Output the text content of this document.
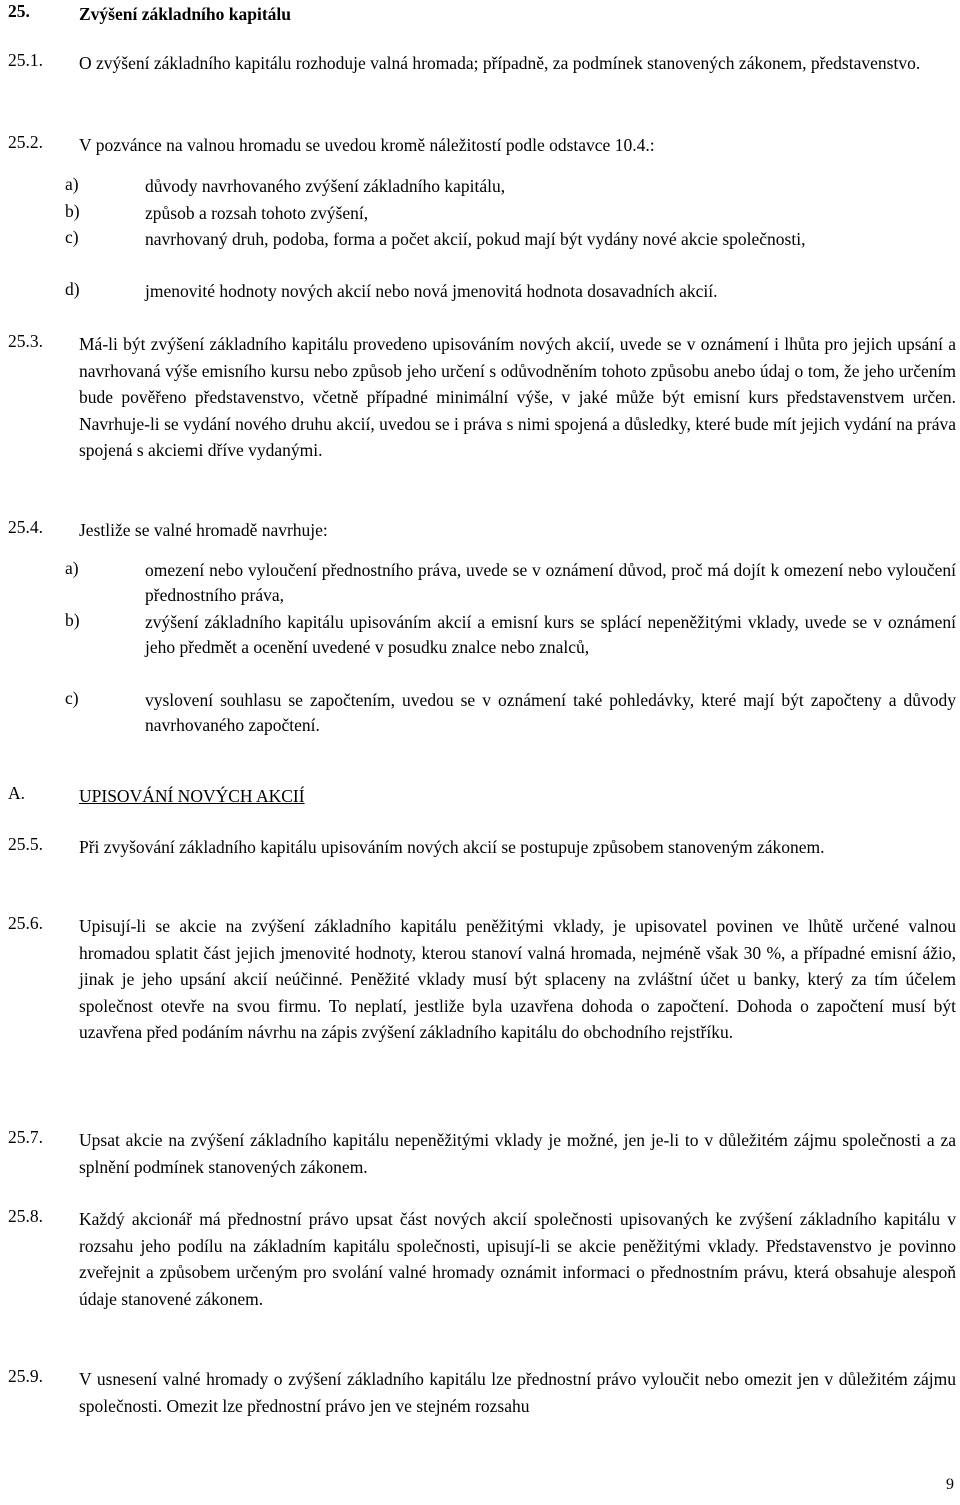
25.	Zvýšení základního kapitálu
25.1. O zvýšení základního kapitálu rozhoduje valná hromada; případně, za podmínek stanovených zákonem, představenstvo.
25.2. V pozvánce na valnou hromadu se uvedou kromě náležitostí podle odstavce 10.4.:
a)	důvody navrhovaného zvýšení základního kapitálu,
b)	způsob a rozsah tohoto zvýšení,
c)	navrhovaný druh, podoba, forma a počet akcií, pokud mají být vydány nové akcie společnosti,
d)	jmenovité hodnoty nových akcií nebo nová jmenovitá hodnota dosavadních akcií.
25.3. Má-li být zvýšení základního kapitálu provedeno upisováním nových akcií, uvede se v oznámení i lhůta pro jejich upsání a navrhovaná výše emisního kursu nebo způsob jeho určení s odůvodněním tohoto způsobu anebo údaj o tom, že jeho určením bude pověřeno představenstvo, včetně případné minimální výše, v jaké může být emisní kurs představenstvem určen. Navrhuje-li se vydání nového druhu akcií, uvedou se i práva s nimi spojená a důsledky, které bude mít jejich vydání na práva spojená s akciemi dříve vydanými.
25.4. Jestliže se valné hromadě navrhuje:
a)	omezení nebo vyloučení přednostního práva, uvede se v oznámení důvod, proč má dojít k omezení nebo vyloučení přednostního práva,
b)	zvýšení základního kapitálu upisováním akcií a emisní kurs se splácí nepeněžitými vklady, uvede se v oznámení jeho předmět a ocenění uvedené v posudku znalce nebo znalců,
c)	vyslovení souhlasu se započtením, uvedou se v oznámení také pohledávky, které mají být započteny a důvody navrhovaného započtení.
A.	UPISOVÁNÍ NOVÝCH AKCIÍ
25.5. Při zvyšování základního kapitálu upisováním nových akcií se postupuje způsobem stanoveným zákonem.
25.6. Upisují-li se akcie na zvýšení základního kapitálu peněžitými vklady, je upisovatel povinen ve lhůtě určené valnou hromadou splatit část jejich jmenovité hodnoty, kterou stanoví valná hromada, nejméně však 30 %, a případné emisní ážio, jinak je jeho upsání akcií neúčinné. Peněžité vklady musí být splaceny na zvláštní účet u banky, který za tím účelem společnost otevře na svou firmu. To neplatí, jestliže byla uzavřena dohoda o započtení. Dohoda o započtení musí být uzavřena před podáním návrhu na zápis zvýšení základního kapitálu do obchodního rejstříku.
25.7. Upsat akcie na zvýšení základního kapitálu nepeněžitými vklady je možné, jen je-li to v důležitém zájmu společnosti a za splnění podmínek stanovených zákonem.
25.8. Každý akcionář má přednostní právo upsat část nových akcií společnosti upisovaných ke zvýšení základního kapitálu v rozsahu jeho podílu na základním kapitálu společnosti, upisují-li se akcie peněžitými vklady. Představenstvo je povinno zveřejnit a způsobem určeným pro svolání valné hromady oznámit informaci o přednostním právu, která obsahuje alespoň údaje stanovené zákonem.
25.9. V usnesení valné hromady o zvýšení základního kapitálu lze přednostní právo vyloučit nebo omezit jen v důležitém zájmu společnosti. Omezit lze přednostní právo jen ve stejném rozsahu
9
